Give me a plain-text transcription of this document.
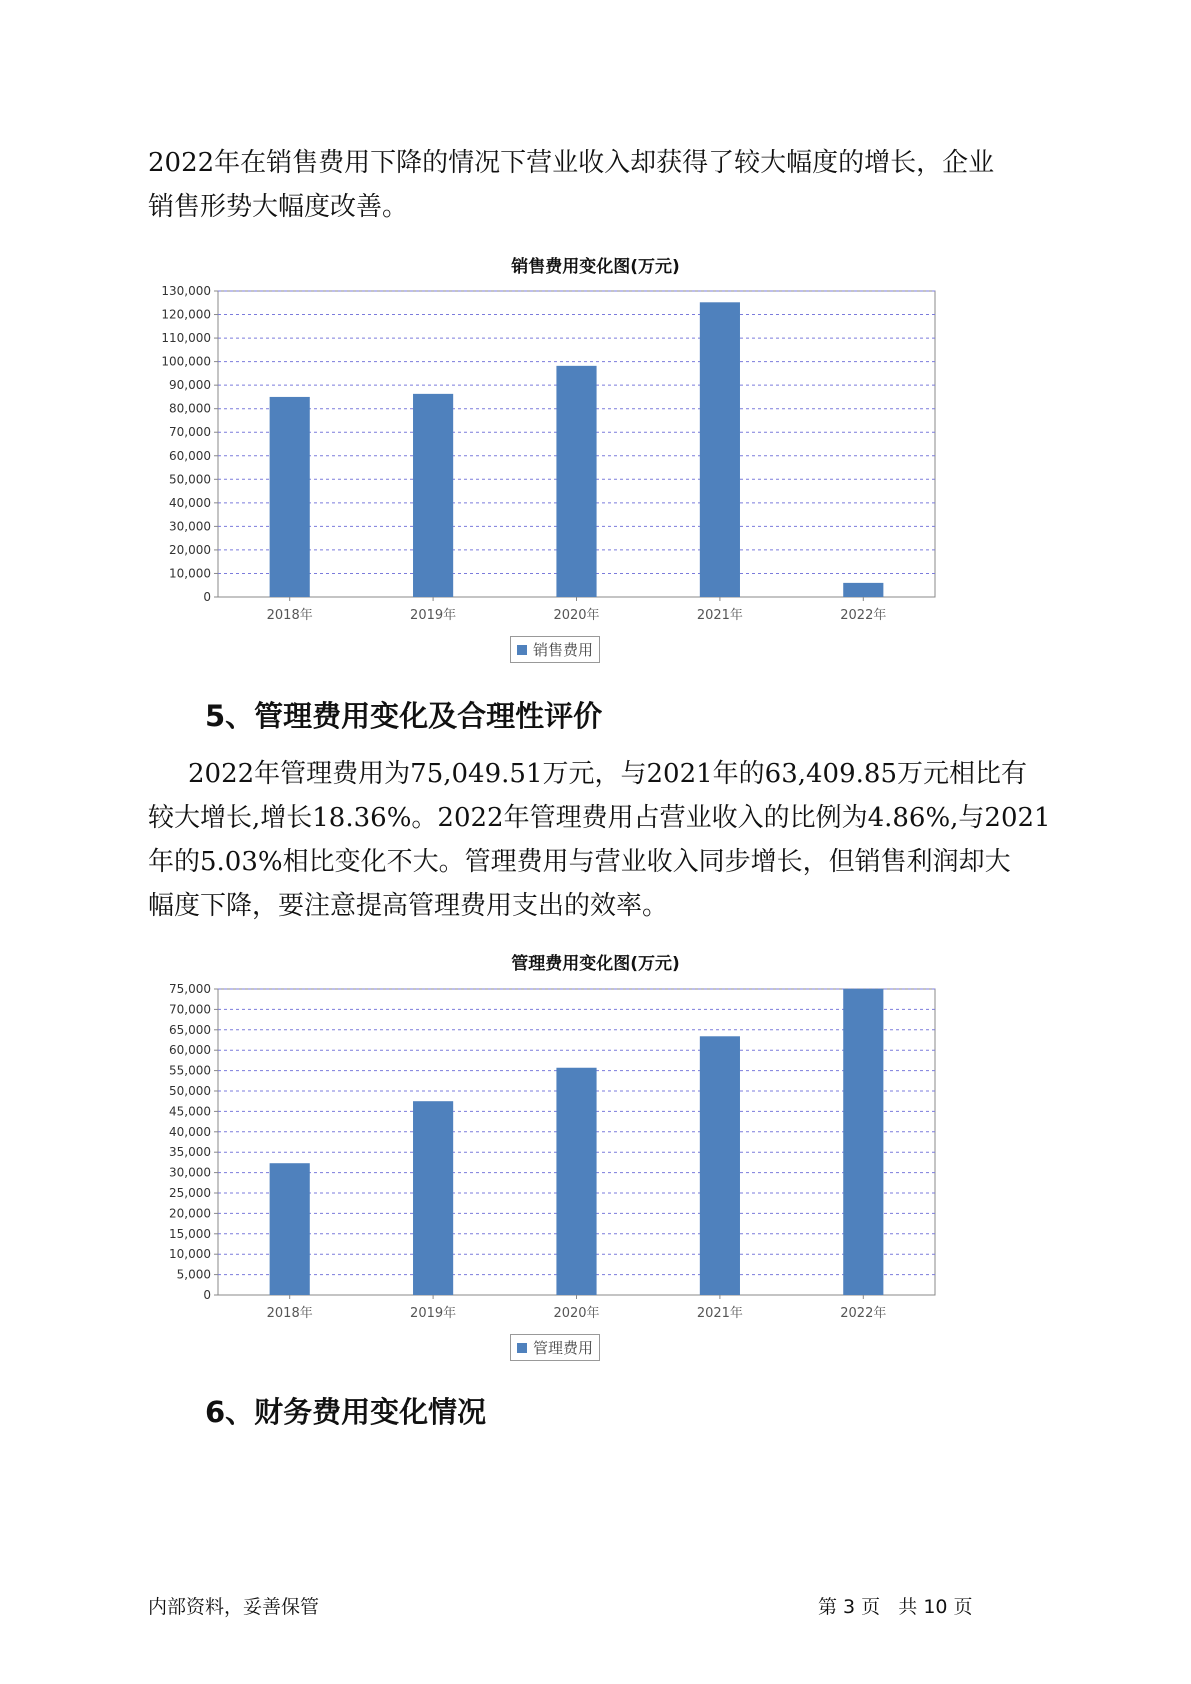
2022年在销售费用下降的情况下营业收入却获得了较大幅度的增长，企业
销售形势大幅度改善。
销售费用变化图(万元)
0
10,000
20,000
30,000
40,000
50,000
60,000
70,000
80,000
90,000
100,000
110,000
120,000
130,000
2018年	2019年	2020年	2021年	2022年
销售费用
5、管理费用变化及合理性评价
2022年管理费用为75,049.51万元，与2021年的63,409.85万元相比有
较大增长,增长18.36%。2022年管理费用占营业收入的比例为4.86%,与2021
年的5.03%相比变化不大。管理费用与营业收入同步增长，但销售利润却大
幅度下降，要注意提高管理费用支出的效率。
管理费用变化图(万元)
0
5,000
10,000
15,000
20,000
25,000
30,000
35,000
40,000
45,000
50,000
55,000
60,000
65,000
70,000
75,000
2018年	2019年	2020年	2021年	2022年
管理费用
6、财务费用变化情况
内部资料，妥善保管	第 3 页   共 10 页
